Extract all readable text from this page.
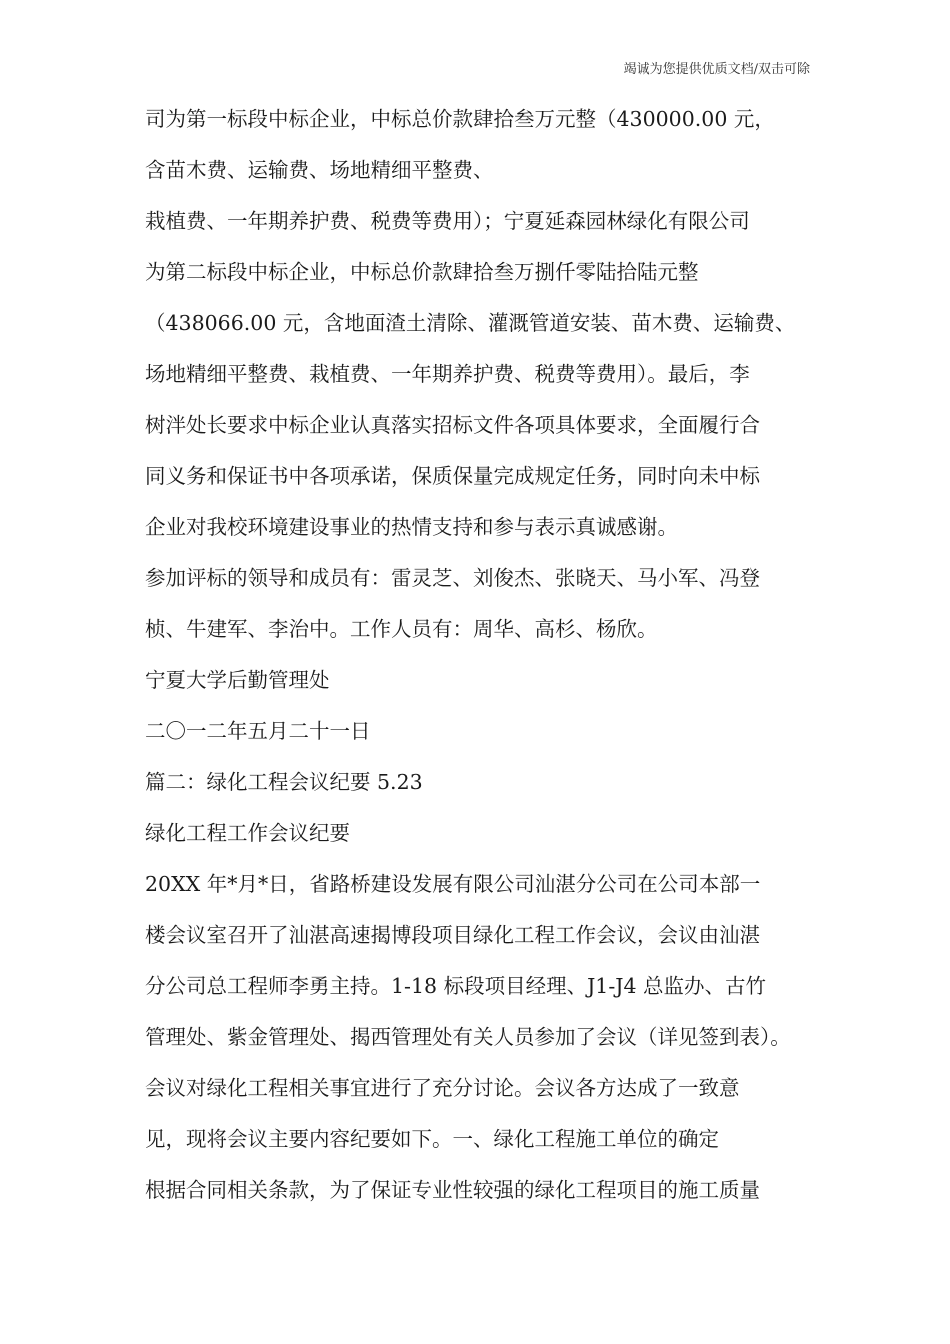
竭诚为您提供优质文档/双击可除
司为第一标段中标企业，中标总价款肆拾叁万元整（430000.00 元，
含苗木费、运输费、场地精细平整费、
栽植费、一年期养护费、税费等费用）；宁夏延森园林绿化有限公司
为第二标段中标企业，中标总价款肆拾叁万捌仟零陆拾陆元整
（438066.00 元，含地面渣土清除、灌溉管道安装、苗木费、运输费、
场地精细平整费、栽植费、一年期养护费、税费等费用）。最后，李
树泮处长要求中标企业认真落实招标文件各项具体要求，全面履行合
同义务和保证书中各项承诺，保质保量完成规定任务，同时向未中标
企业对我校环境建设事业的热情支持和参与表示真诚感谢。
参加评标的领导和成员有：雷灵芝、刘俊杰、张晓天、马小军、冯登
桢、牛建军、李治中。工作人员有：周华、高杉、杨欣。
宁夏大学后勤管理处
二〇一二年五月二十一日
篇二：绿化工程会议纪要 5.23
绿化工程工作会议纪要
20XX 年*月*日，省路桥建设发展有限公司汕湛分公司在公司本部一
楼会议室召开了汕湛高速揭博段项目绿化工程工作会议，会议由汕湛
分公司总工程师李勇主持。1-18 标段项目经理、J1-J4 总监办、古竹
管理处、紫金管理处、揭西管理处有关人员参加了会议（详见签到表）。
会议对绿化工程相关事宜进行了充分讨论。会议各方达成了一致意
见，现将会议主要内容纪要如下。一、绿化工程施工单位的确定
根据合同相关条款，为了保证专业性较强的绿化工程项目的施工质量
